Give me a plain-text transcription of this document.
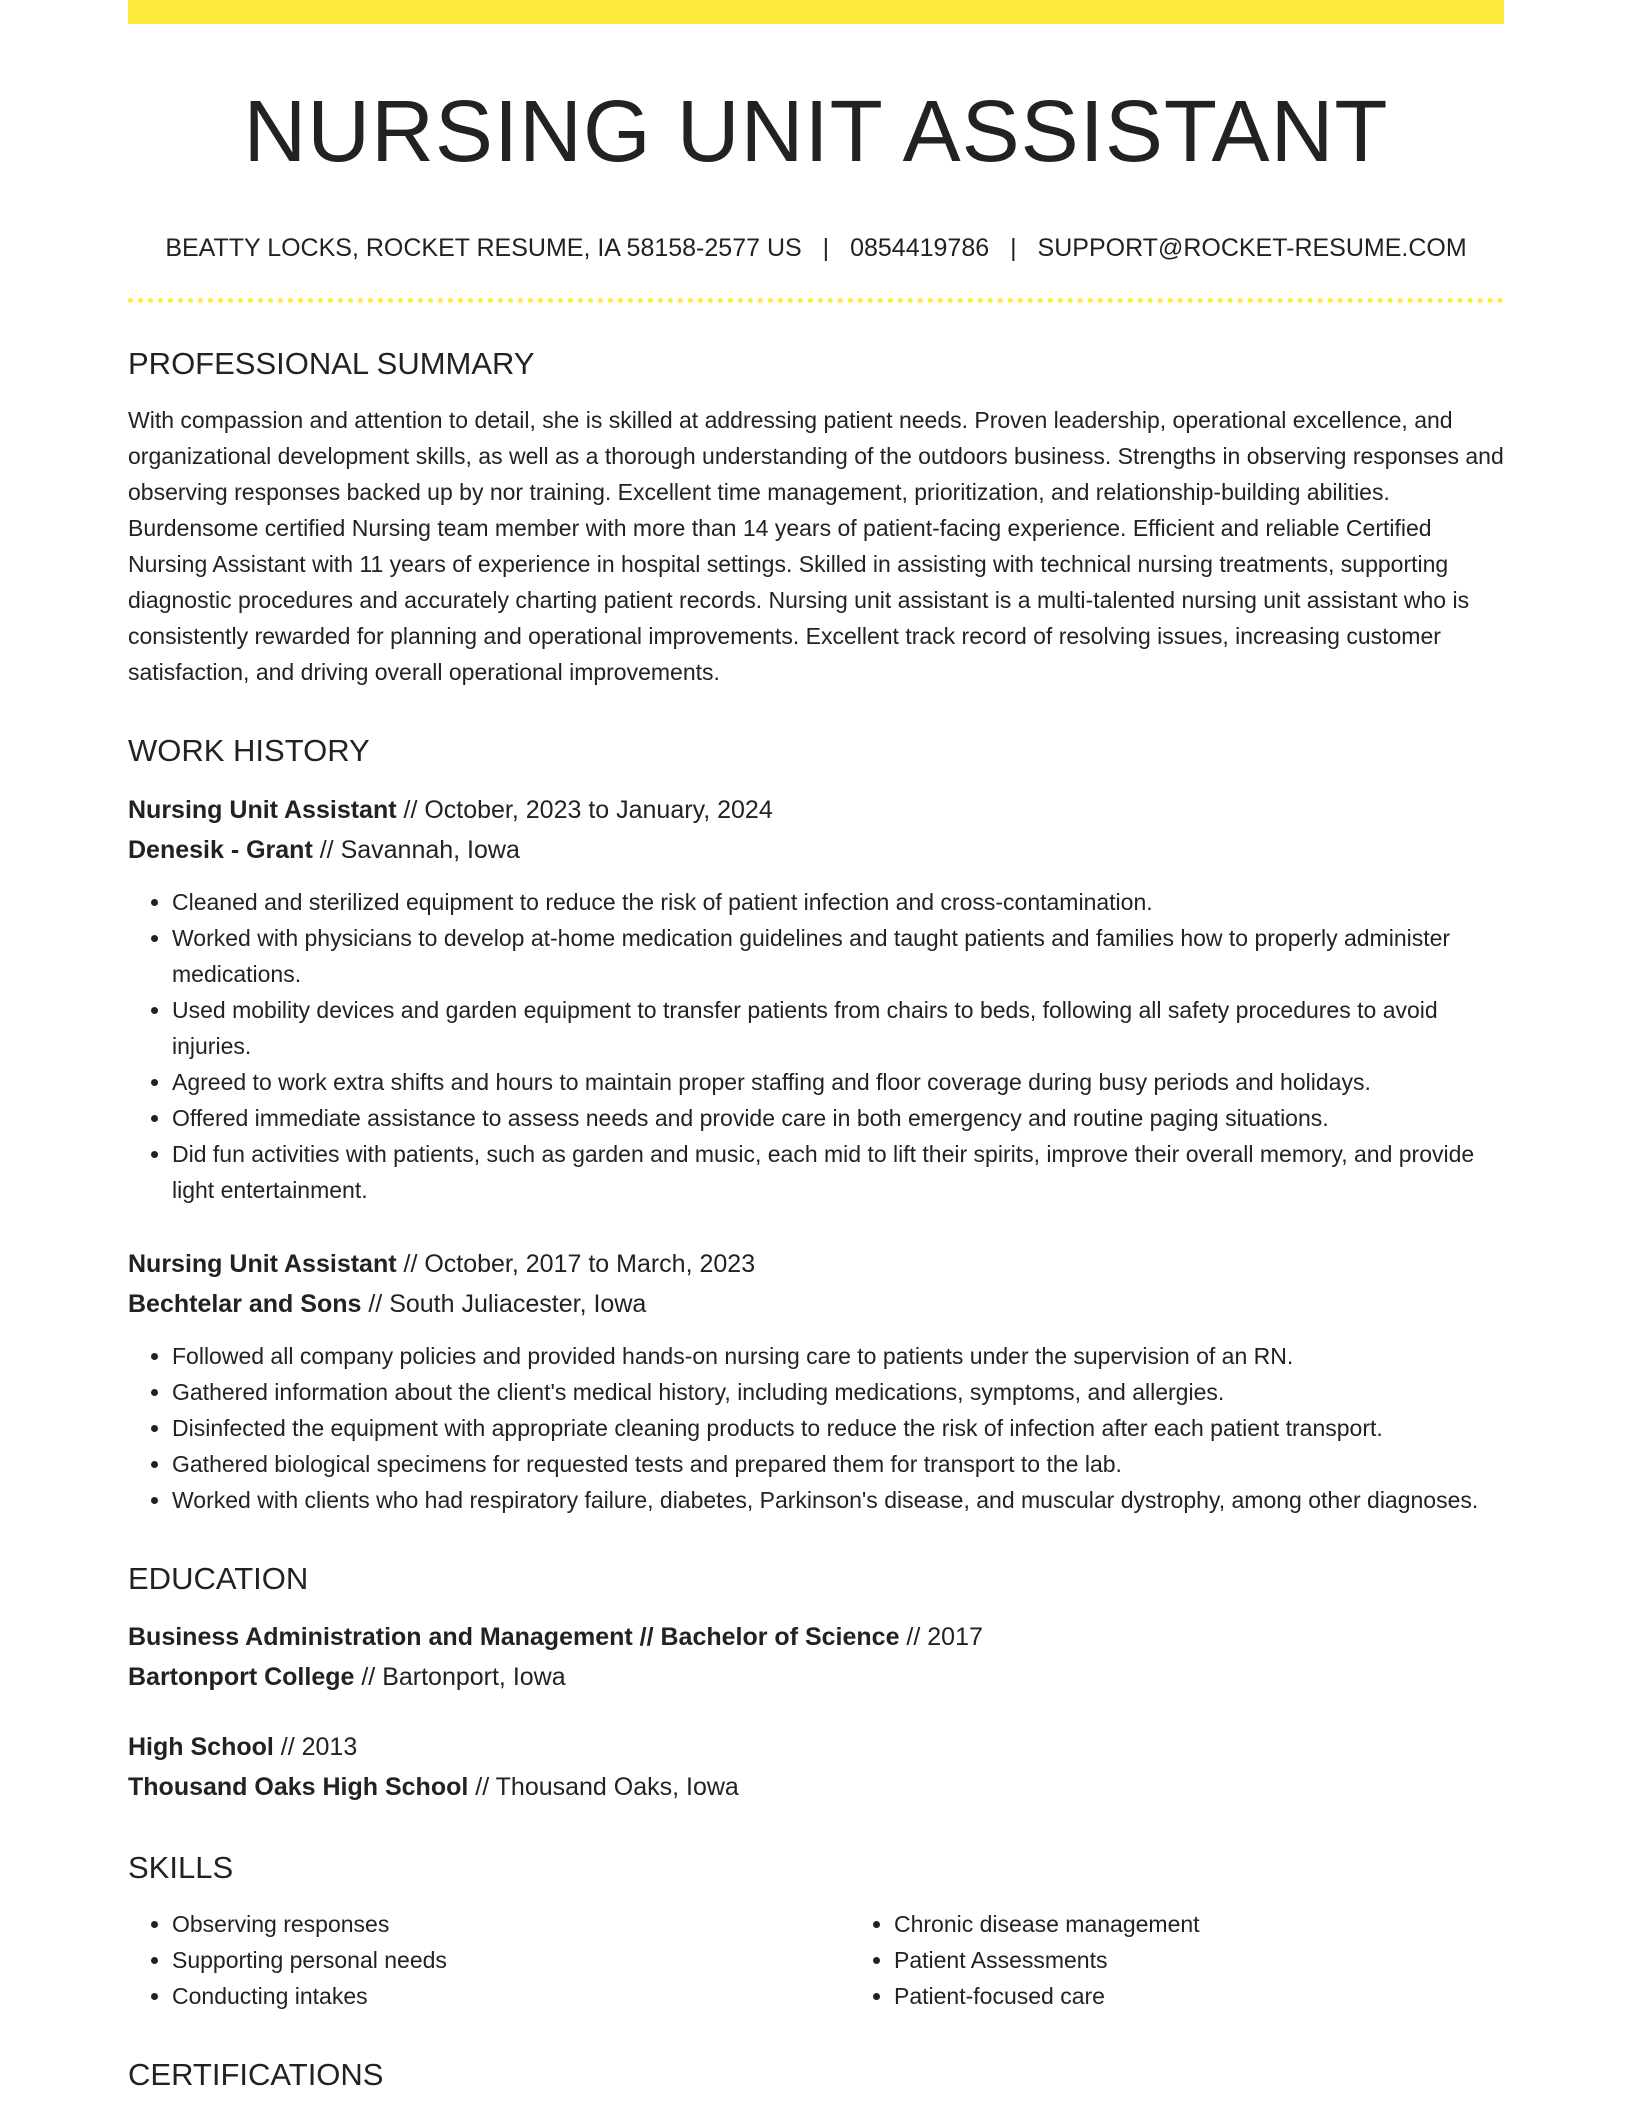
NURSING UNIT ASSISTANT
BEATTY LOCKS, ROCKET RESUME, IA 58158-2577 US | 0854419786 | SUPPORT@ROCKET-RESUME.COM
PROFESSIONAL SUMMARY

With compassion and attention to detail, she is skilled at addressing patient needs. Proven leadership, operational excellence, and organizational development skills, as well as a thorough understanding of the outdoors business. Strengths in observing responses and observing responses backed up by nor training. Excellent time management, prioritization, and relationship-building abilities. Burdensome certified Nursing team member with more than 14 years of patient-facing experience. Efficient and reliable Certified Nursing Assistant with 11 years of experience in hospital settings. Skilled in assisting with technical nursing treatments, supporting diagnostic procedures and accurately charting patient records. Nursing unit assistant is a multi-talented nursing unit assistant who is consistently rewarded for planning and operational improvements. Excellent track record of resolving issues, increasing customer satisfaction, and driving overall operational improvements.

WORK HISTORY
Nursing Unit Assistant // October, 2023 to January, 2024
Denesik - Grant // Savannah, Iowa
• Cleaned and sterilized equipment to reduce the risk of patient infection and cross-contamination.
• Worked with physicians to develop at-home medication guidelines and taught patients and families how to properly administer medications.
• Used mobility devices and garden equipment to transfer patients from chairs to beds, following all safety procedures to avoid injuries.
• Agreed to work extra shifts and hours to maintain proper staffing and floor coverage during busy periods and holidays.
• Offered immediate assistance to assess needs and provide care in both emergency and routine paging situations.
• Did fun activities with patients, such as garden and music, each mid to lift their spirits, improve their overall memory, and provide light entertainment.
Nursing Unit Assistant // October, 2017 to March, 2023
Bechtelar and Sons // South Juliacester, Iowa
• Followed all company policies and provided hands-on nursing care to patients under the supervision of an RN.
• Gathered information about the client's medical history, including medications, symptoms, and allergies.
• Disinfected the equipment with appropriate cleaning products to reduce the risk of infection after each patient transport.
• Gathered biological specimens for requested tests and prepared them for transport to the lab.
• Worked with clients who had respiratory failure, diabetes, Parkinson's disease, and muscular dystrophy, among other diagnoses.
EDUCATION
Business Administration and Management // Bachelor of Science // 2017
Bartonport College // Bartonport, Iowa
High School // 2013
Thousand Oaks High School // Thousand Oaks, Iowa
SKILLS
• Observing responses
• Supporting personal needs
• Conducting intakes
• Chronic disease management
• Patient Assessments
• Patient-focused care
CERTIFICATIONS
